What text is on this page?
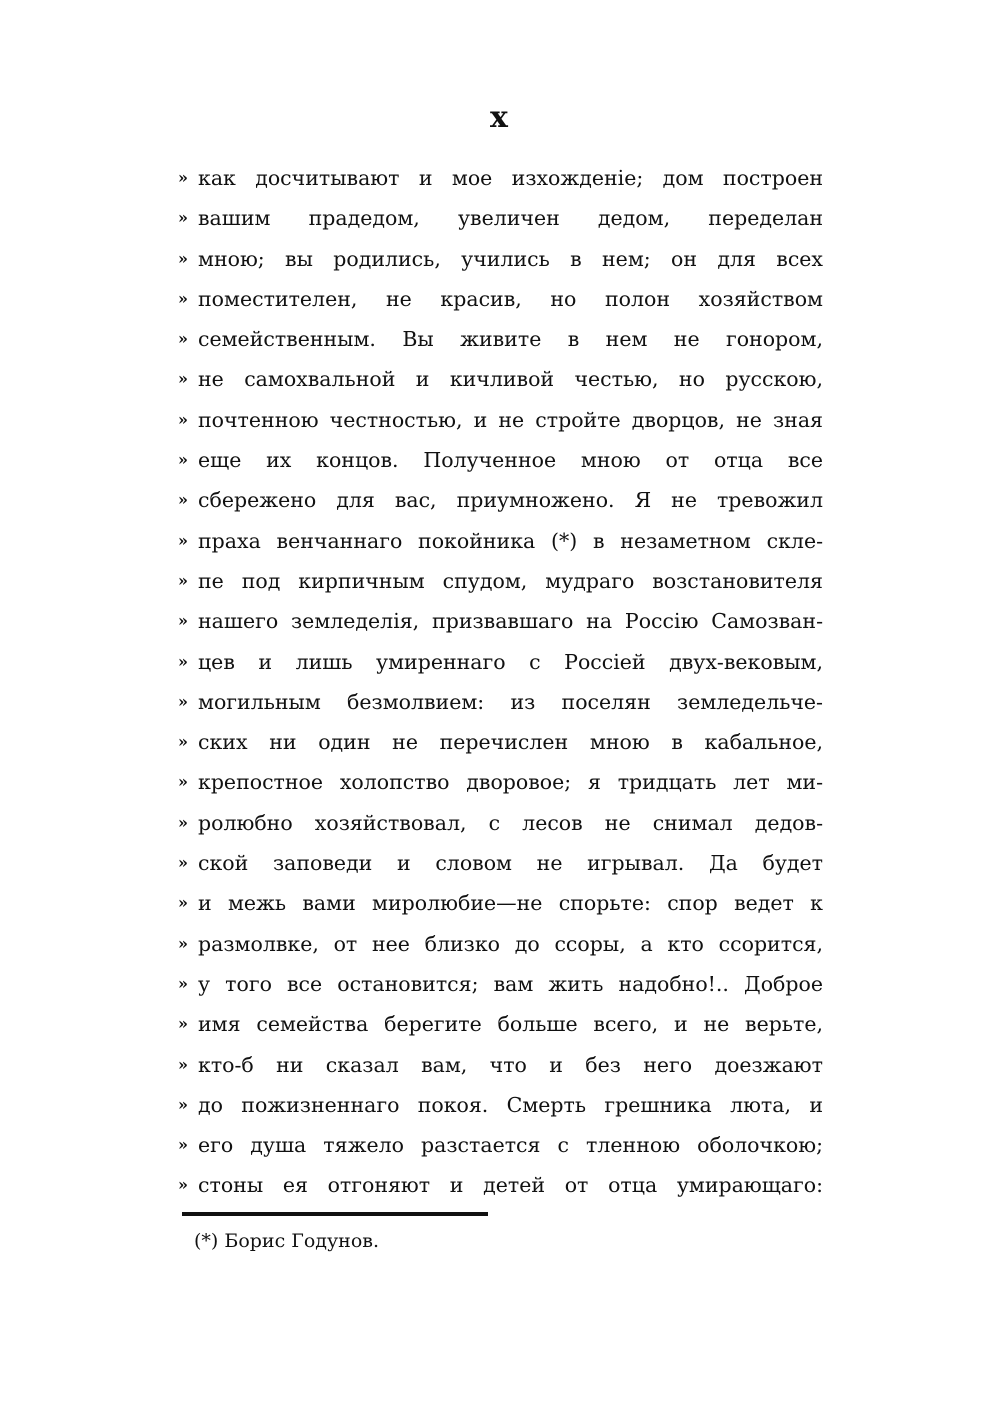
x
» как досчитывают и мое изхожденіе; дом построен
» вашим прадедом, увеличен дедом, переделан
» мною; вы родились, учились в нем; он для всех
» поместителен, не красив, но полон хозяйством
» семейственным. Вы живите в нем не гонором,
» не самохвальной и кичливой честью, но русскою,
» почтенною честностью, и не стройте дворцов, не зная
» еще их концов. Полученное мною от отца все
» сбережено для вас, приумножено. Я не тревожил
» праха венчаннаго покойника (*) в незаметном скле-
» пе под кирпичным спудом, мудраго возстановителя
» нашего земледелія, призвавшаго на Россію Самозван-
» цев и лишь умиреннаго с Россіей двух-вековым,
» могильным безмолвием: из поселян земледельче-
» ских ни один не перечислен мною в кабальное,
» крепостное холопство дворовое; я тридцать лет ми-
» ролюбно хозяйствовал, с лесов не снимал дедов-
» ской заповеди и словом не игрывал. Да будет
» и межь вами миролюбие—не спорьте: спор ведет к
» размолвке, от нее близко до ссоры, а кто ссорится,
» у того все остановится; вам жить надобно!.. Доброе
» имя семейства берегите больше всего, и не верьте,
» кто-б ни сказал вам, что и без него доезжают
» до пожизненнаго покоя. Смерть грешника люта, и
» его душа тяжело разстается с тленною оболочкою;
» стоны ея отгоняют и детей от отца умирающаго:
(*) Борис Годунов.
